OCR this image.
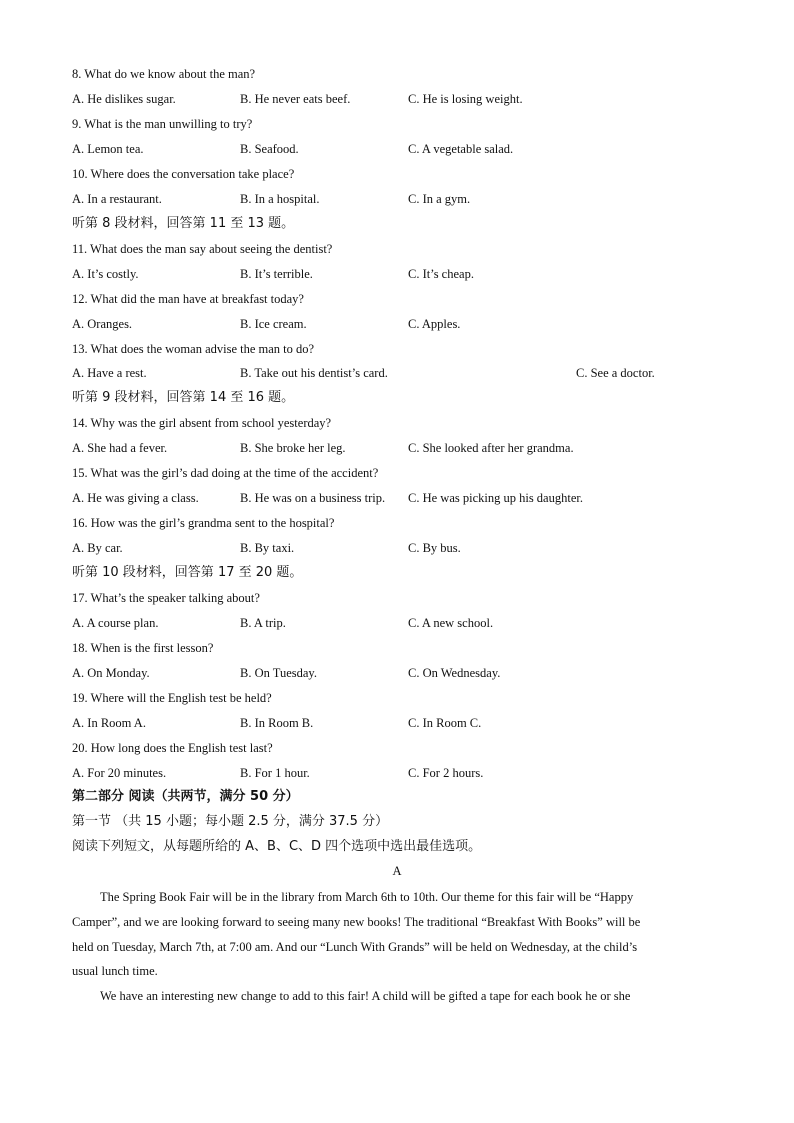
8. What do we know about the man?
A. He dislikes sugar.	B. He never eats beef.	C. He is losing weight.
9. What is the man unwilling to try?
A. Lemon tea.	B. Seafood.	C. A vegetable salad.
10. Where does the conversation take place?
A. In a restaurant.	B. In a hospital.	C. In a gym.
听第 8 段材料，回答第 11 至 13 题。
11. What does the man say about seeing the dentist?
A. It’s costly.	B. It’s terrible.	C. It’s cheap.
12. What did the man have at breakfast today?
A. Oranges.	B. Ice cream.	C. Apples.
13. What does the woman advise the man to do?
A. Have a rest.	B. Take out his dentist’s card.	C. See a doctor.
听第 9 段材料，回答第 14 至 16 题。
14. Why was the girl absent from school yesterday?
A. She had a fever.	B. She broke her leg.	C. She looked after her grandma.
15. What was the girl’s dad doing at the time of the accident?
A. He was giving a class.	B. He was on a business trip. C. He was picking up his daughter.
16. How was the girl’s grandma sent to the hospital?
A. By car.	B. By taxi.	C. By bus.
听第 10 段材料，回答第 17 至 20 题。
17. What’s the speaker talking about?
A. A course plan.	B. A trip.	C. A new school.
18. When is the first lesson?
A. On Monday.	B. On Tuesday.	C. On Wednesday.
19. Where will the English test be held?
A. In Room A.	B. In Room B.	C. In Room C.
20. How long does the English test last?
A. For 20 minutes.	B. For 1 hour.	C. For 2 hours.
第二部分 阅读（共两节，满分 50 分）
第一节 （共 15 小题；每小题 2.5 分，满分 37.5 分）
阅读下列短文，从每题所给的 A、B、C、D 四个选项中选出最佳选项。
A
The Spring Book Fair will be in the library from March 6th to 10th. Our theme for this fair will be “Happy
Camper”, and we are looking forward to seeing many new books! The traditional “Breakfast With Books” will be
held on Tuesday, March 7th, at 7:00 am. And our “Lunch With Grands” will be held on Wednesday, at the child’s
usual lunch time.
We have an interesting new change to add to this fair! A child will be gifted a tape for each book he or she
